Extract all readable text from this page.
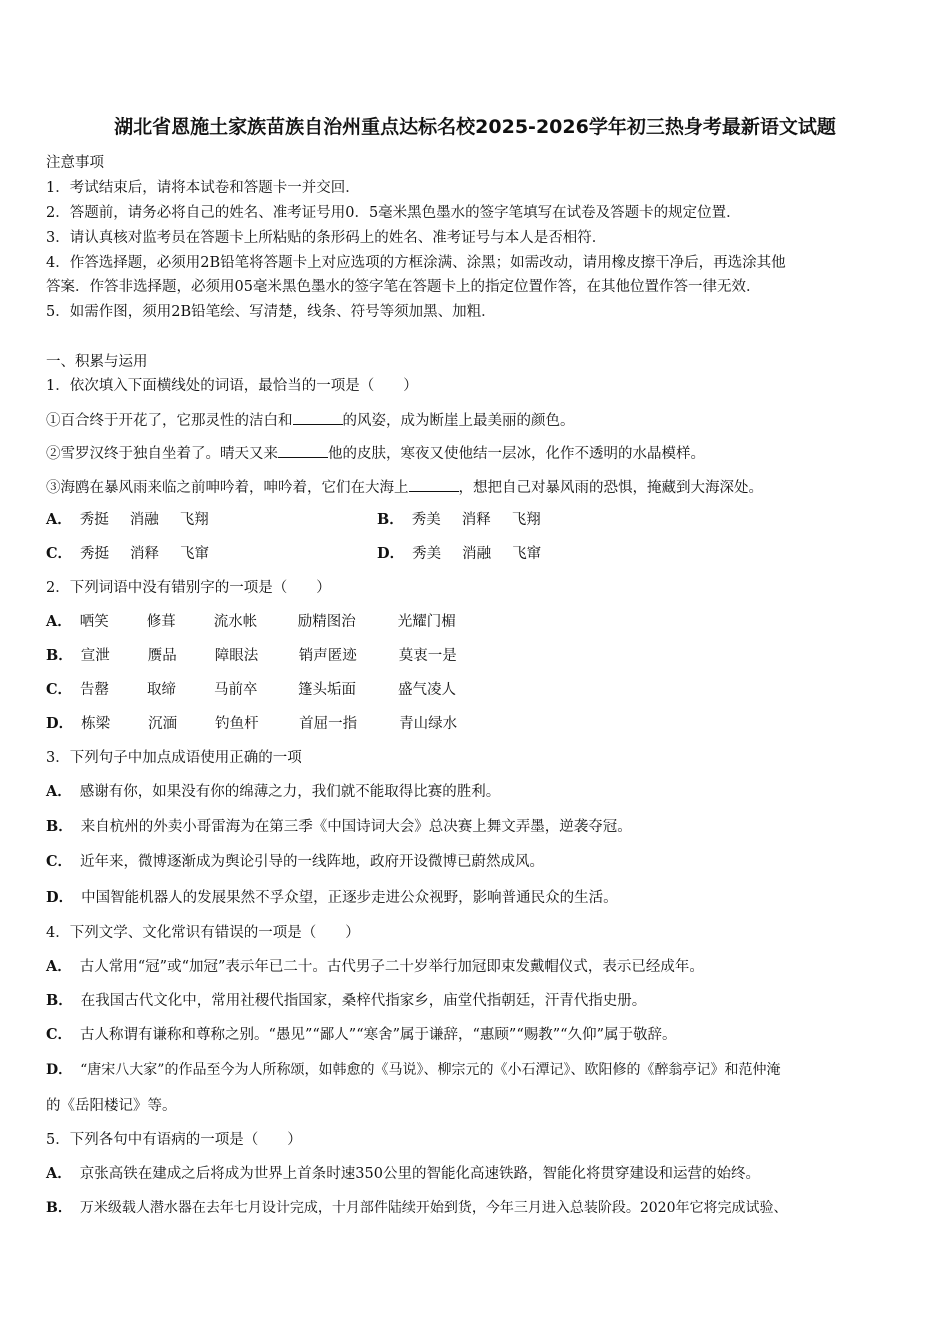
湖北省恩施土家族苗族自治州重点达标名校2025-2026学年初三热身考最新语文试题
注意事项
1．考试结束后，请将本试卷和答题卡一并交回．
2．答题前，请务必将自己的姓名、准考证号用0．5毫米黑色墨水的签字笔填写在试卷及答题卡的规定位置．
3．请认真核对监考员在答题卡上所粘贴的条形码上的姓名、准考证号与本人是否相符．
4．作答选择题，必须用2B铅笔将答题卡上对应选项的方框涂满、涂黑；如需改动，请用橡皮擦干净后，再选涂其他
答案．作答非选择题，必须用05毫米黑色墨水的签字笔在答题卡上的指定位置作答，在其他位置作答一律无效．
5．如需作图，须用2B铅笔绘、写清楚，线条、符号等须加黑、加粗．
一、积累与运用
1．依次填入下面横线处的词语，最恰当的一项是（　　）
①百合终于开花了，它那灵性的洁白和	的风姿，成为断崖上最美丽的颜色。
②雪罗汉终于独自坐着了。晴天又来	他的皮肤，寒夜又使他结一层冰，化作不透明的水晶模样。
③海鸥在暴风雨来临之前呻吟着，呻吟着，它们在大海上	，想把自己对暴风雨的恐惧，掩藏到大海深处。
A． 秀挺 消融 飞翔	B． 秀美 消释 飞翔
C． 秀挺 消释 飞窜	D． 秀美 消融 飞窜
2．下列词语中没有错别字的一项是（　　）
A． 哂笑	修葺	流水帐	励精图治	光耀门楣
B． 宣泄	赝品	障眼法	销声匿迹	莫衷一是
C． 告罄	取缔	马前卒	篷头垢面	盛气凌人
D． 栋梁	沉湎	钓鱼杆	首屈一指	青山绿水
3．下列句子中加点成语使用正确的一项
A． 感谢有你，如果没有你的绵薄之力，我们就不能取得比赛的胜利。
B． 来自杭州的外卖小哥雷海为在第三季《中国诗词大会》总决赛上舞文弄墨，逆袭夺冠。
C． 近年来，微博逐渐成为舆论引导的一线阵地，政府开设微博已蔚然成风。
D． 中国智能机器人的发展果然不孚众望，正逐步走进公众视野，影响普通民众的生活。
4．下列文学、文化常识有错误的一项是（　　）
A． 古人常用“冠”或“加冠”表示年已二十。古代男子二十岁举行加冠即束发戴帽仪式，表示已经成年。
B． 在我国古代文化中，常用社稷代指国家，桑梓代指家乡，庙堂代指朝廷，汗青代指史册。
C． 古人称谓有谦称和尊称之别。“愚见”“鄙人”“寒舍”属于谦辞，“惠顾”“赐教”“久仰”属于敬辞。
D． “唐宋八大家”的作品至今为人所称颂，如韩愈的《马说》、柳宗元的《小石潭记》、欧阳修的《醉翁亭记》和范仲淹
的《岳阳楼记》等。
5．下列各句中有语病的一项是（　　）
A． 京张高铁在建成之后将成为世界上首条时速350公里的智能化高速铁路，智能化将贯穿建设和运营的始终。
B． 万米级载人潜水器在去年七月设计完成，十月部件陆续开始到货，今年三月进入总装阶段。2020年它将完成试验、
